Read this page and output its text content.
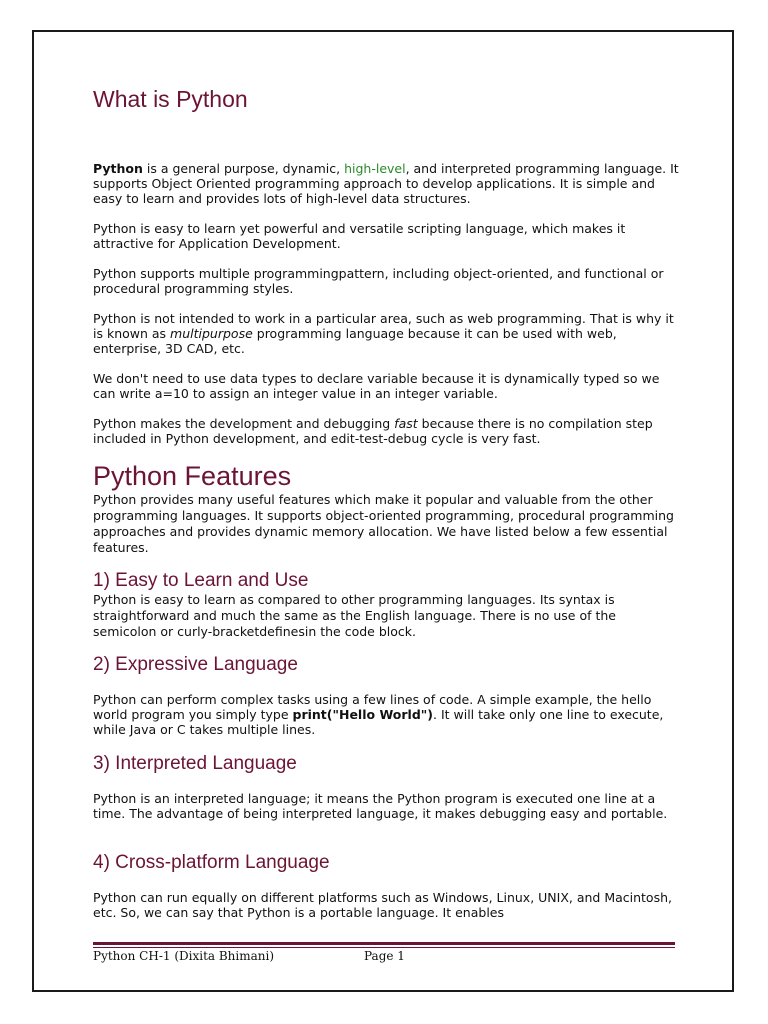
What is Python

Python is a general purpose, dynamic, high-level, and interpreted programming language. It supports Object Oriented programming approach to develop applications. It is simple and easy to learn and provides lots of high-level data structures.

Python is easy to learn yet powerful and versatile scripting language, which makes it attractive for Application Development.

Python supports multiple programmingpattern, including object-oriented, and functional or procedural programming styles.

Python is not intended to work in a particular area, such as web programming. That is why it is known as multipurpose programming language because it can be used with web, enterprise, 3D CAD, etc.

We don't need to use data types to declare variable because it is dynamically typed so we can write a=10 to assign an integer value in an integer variable.

Python makes the development and debugging fast because there is no compilation step included in Python development, and edit-test-debug cycle is very fast.

Python Features

Python provides many useful features which make it popular and valuable from the other programming languages. It supports object-oriented programming, procedural programming approaches and provides dynamic memory allocation. We have listed below a few essential features.

1) Easy to Learn and Use

Python is easy to learn as compared to other programming languages. Its syntax is straightforward and much the same as the English language. There is no use of the semicolon or curly-bracketdefinesin the code block.

2) Expressive Language

Python can perform complex tasks using a few lines of code. A simple example, the hello world program you simply type print("Hello World"). It will take only one line to execute, while Java or C takes multiple lines.

3) Interpreted Language

Python is an interpreted language; it means the Python program is executed one line at a time. The advantage of being interpreted language, it makes debugging easy and portable.

4) Cross-platform Language

Python can run equally on different platforms such as Windows, Linux, UNIX, and Macintosh, etc. So, we can say that Python is a portable language. It enables

Python CH-1 (Dixita Bhimani)	Page 1
